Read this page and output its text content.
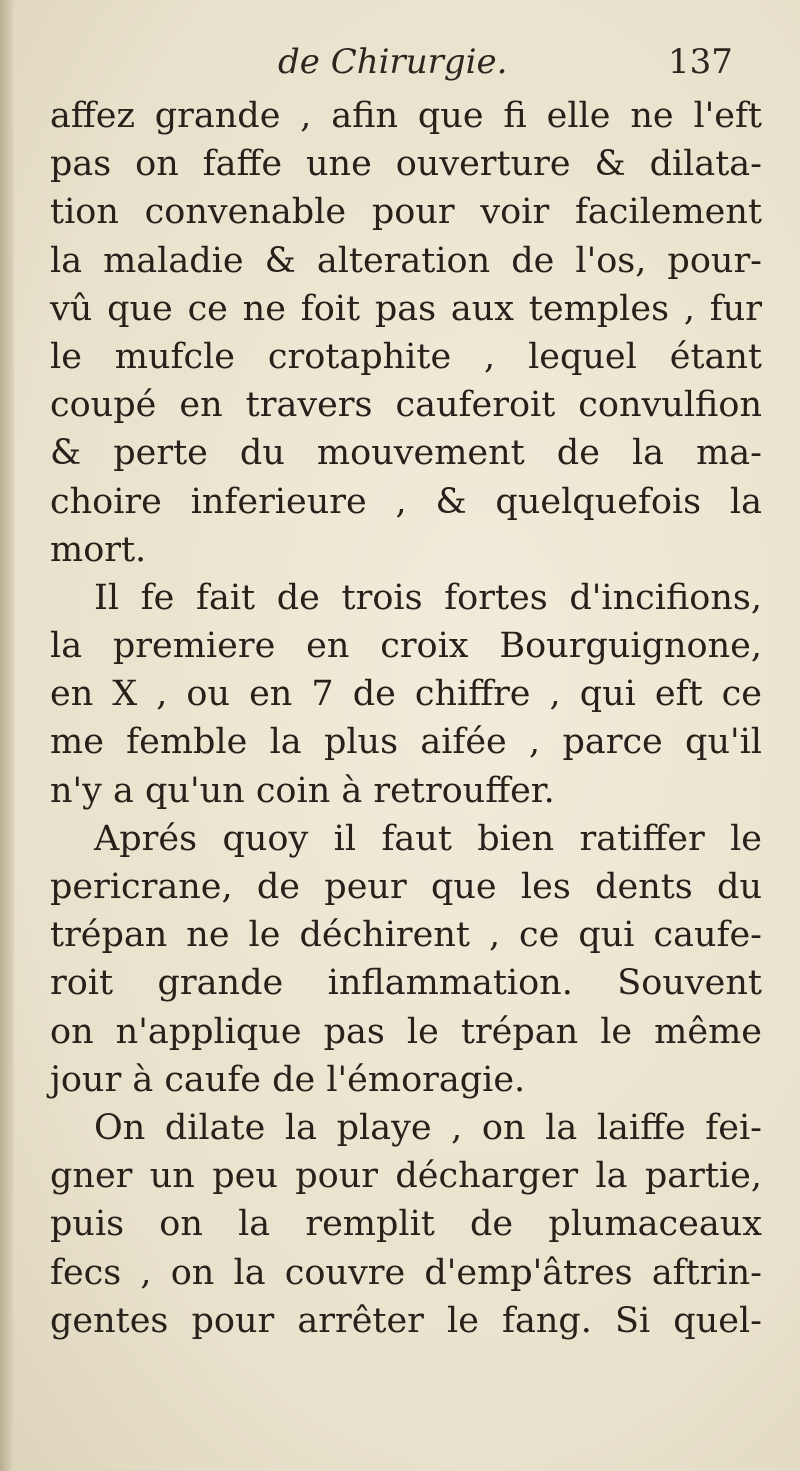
de Chirurgie.	137
affez grande , afin que fi elle ne l'eft
pas on faffe une ouverture & dilata-
tion convenable pour voir facilement
la maladie & alteration de l'os, pour-
vû que ce ne foit pas aux temples , fur
le mufcle crotaphite , lequel étant
coupé en travers cauferoit convulfion
& perte du mouvement de la ma-
choire inferieure , & quelquefois la
mort.
Il fe fait de trois fortes d'incifions,
la premiere en croix Bourguignone,
en X , ou en 7 de chiffre , qui eft ce
me femble la plus aifée , parce qu'il
n'y a qu'un coin à retrouffer.
Aprés quoy il faut bien ratiffer le
pericrane, de peur que les dents du
trépan ne le déchirent , ce qui caufe-
roit grande inflammation. Souvent
on n'applique pas le trépan le même
jour à caufe de l'émoragie.
On dilate la playe , on la laiffe fei-
gner un peu pour décharger la partie,
puis on la remplit de plumaceaux
fecs , on la couvre d'emp'âtres aftrin-
gentes pour arrêter le fang. Si quel-
